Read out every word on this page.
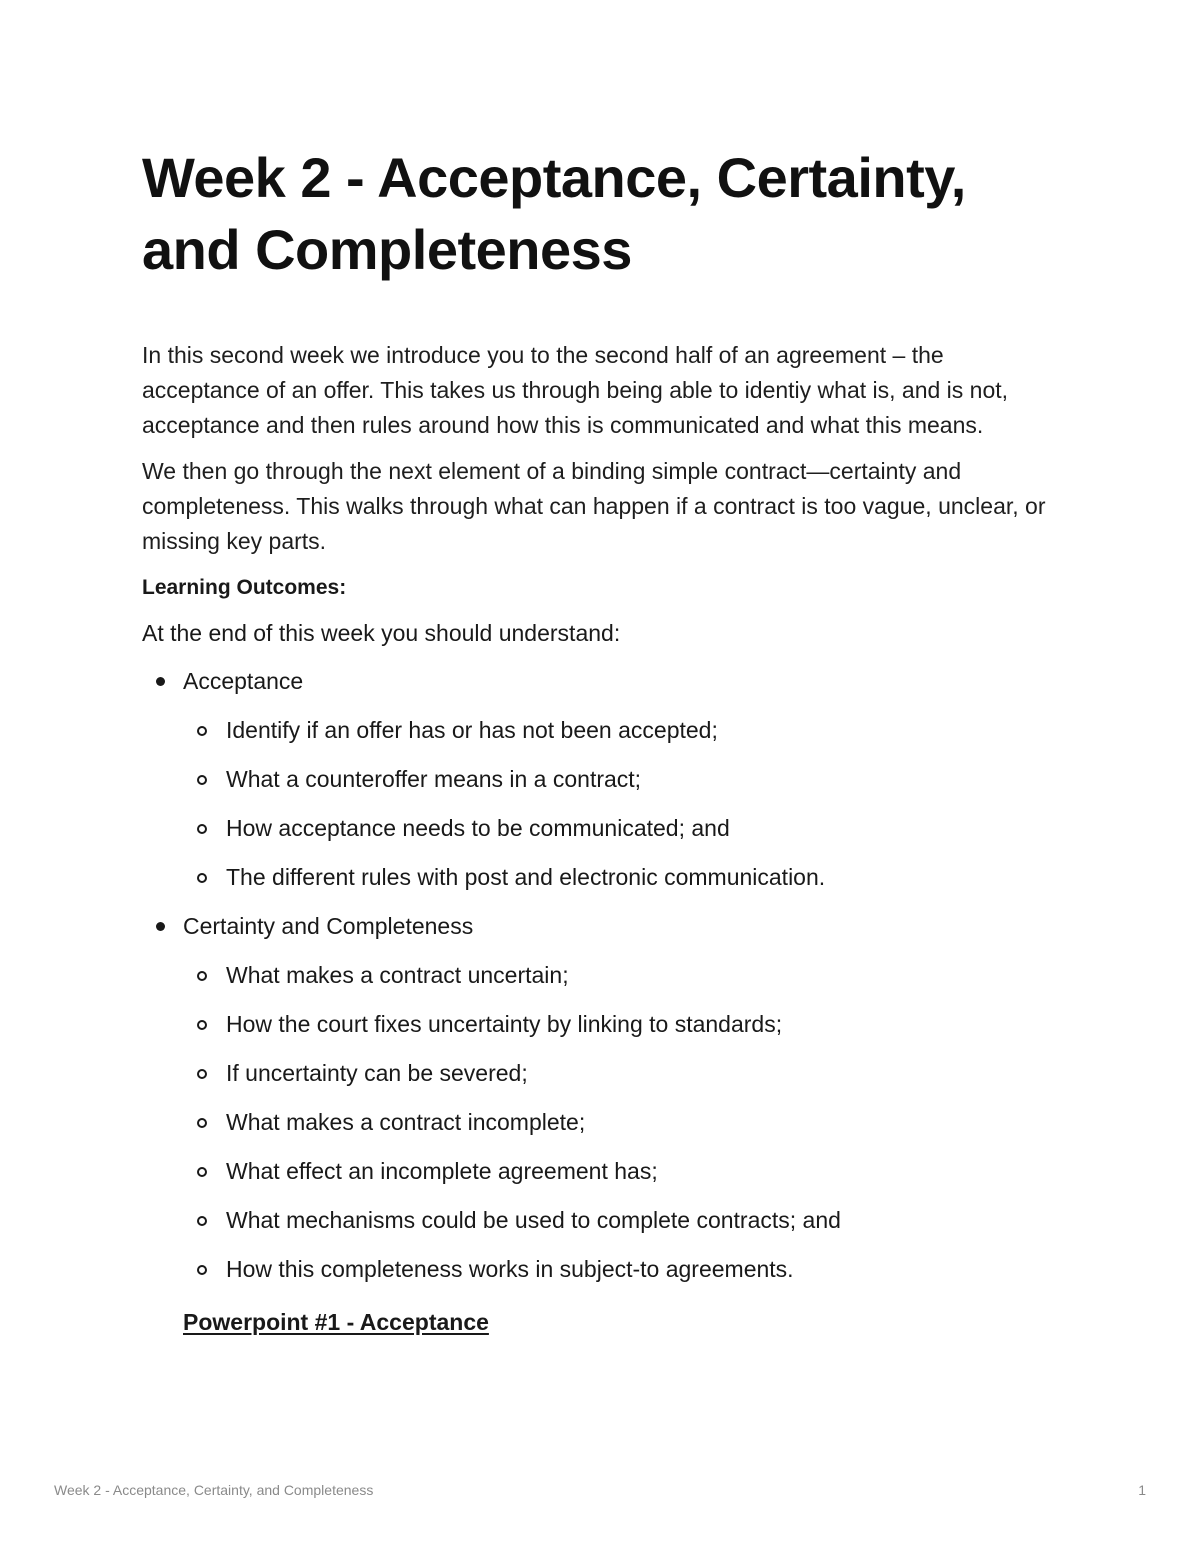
Week 2 - Acceptance, Certainty, and Completeness

In this second week we introduce you to the second half of an agreement – the acceptance of an offer. This takes us through being able to identiy what is, and is not, acceptance and then rules around how this is communicated and what this means.

We then go through the next element of a binding simple contract—certainty and completeness. This walks through what can happen if a contract is too vague, unclear, or missing key parts.

Learning Outcomes:

At the end of this week you should understand:

Acceptance
Identify if an offer has or has not been accepted;
What a counteroffer means in a contract;
How acceptance needs to be communicated; and
The different rules with post and electronic communication.
Certainty and Completeness
What makes a contract uncertain;
How the court fixes uncertainty by linking to standards;
If uncertainty can be severed;
What makes a contract incomplete;
What effect an incomplete agreement has;
What mechanisms could be used to complete contracts; and
How this completeness works in subject-to agreements.
Powerpoint #1 - Acceptance
Week 2 - Acceptance, Certainty, and Completeness	1
